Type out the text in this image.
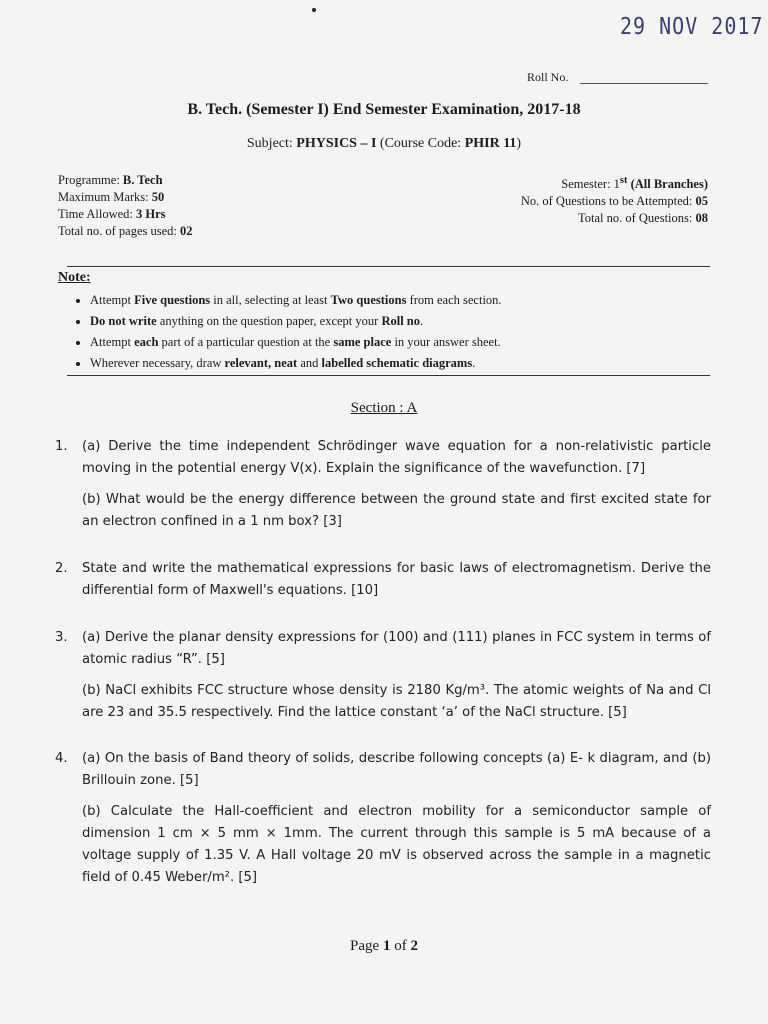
29 NOV 2017
Roll No.
B. Tech. (Semester I) End Semester Examination, 2017-18
Subject: PHYSICS – I (Course Code: PHIR 11)
Programme: B. Tech
Maximum Marks: 50
Time Allowed: 3 Hrs
Total no. of pages used: 02
Semester: 1st (All Branches)
No. of Questions to be Attempted: 05
Total no. of Questions: 08
Note:
• Attempt Five questions in all, selecting at least Two questions from each section.
• Do not write anything on the question paper, except your Roll no.
• Attempt each part of a particular question at the same place in your answer sheet.
• Wherever necessary, draw relevant, neat and labelled schematic diagrams.
Section : A
1.	(a) Derive the time independent Schrödinger wave equation for a non-relativistic particle moving in the potential energy V(x). Explain the significance of the wavefunction. [7]

(b) What would be the energy difference between the ground state and first excited state for an electron confined in a 1 nm box? [3]

2.	State and write the mathematical expressions for basic laws of electromagnetism. Derive the differential form of Maxwell's equations. [10]

3.	(a) Derive the planar density expressions for (100) and (111) planes in FCC system in terms of atomic radius “R”. [5]

(b) NaCl exhibits FCC structure whose density is 2180 Kg/m³. The atomic weights of Na and Cl are 23 and 35.5 respectively. Find the lattice constant ‘a’ of the NaCl structure. [5]

4.	(a) On the basis of Band theory of solids, describe following concepts (a) E- k diagram, and (b) Brillouin zone. [5]

(b) Calculate the Hall-coefficient and electron mobility for a semiconductor sample of dimension 1 cm × 5 mm × 1mm. The current through this sample is 5 mA because of a voltage supply of 1.35 V. A Hall voltage 20 mV is observed across the sample in a magnetic field of 0.45 Weber/m². [5]

Page 1 of 2
